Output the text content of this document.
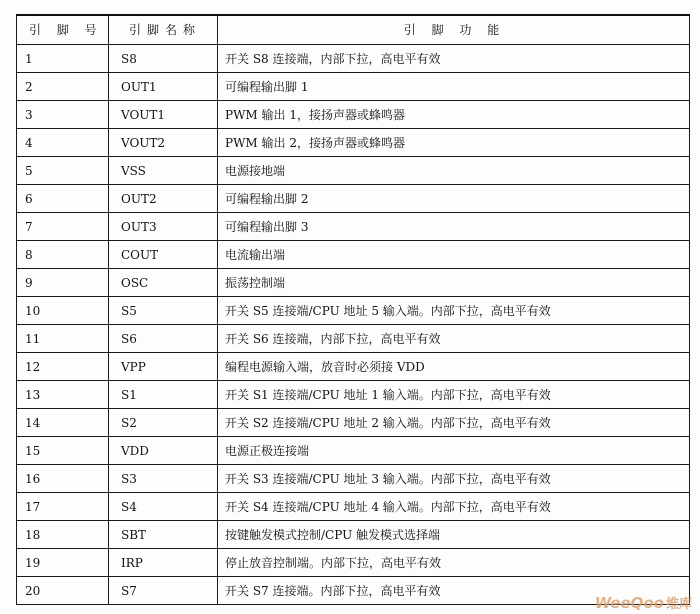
引 脚 号	引脚名称	引 脚 功 能
1	S8	开关 S8 连接端，内部下拉，高电平有效
2	OUT1	可编程输出脚 1
3	VOUT1	PWM 输出 1，接扬声器或蜂鸣器
4	VOUT2	PWM 输出 2，接扬声器或蜂鸣器
5	VSS	电源接地端
6	OUT2	可编程输出脚 2
7	OUT3	可编程输出脚 3
8	COUT	电流输出端
9	OSC	振荡控制端
10	S5	开关 S5 连接端/CPU 地址 5 输入端。内部下拉，高电平有效
11	S6	开关 S6 连接端，内部下拉，高电平有效
12	VPP	编程电源输入端，放音时必须接 VDD
13	S1	开关 S1 连接端/CPU 地址 1 输入端。内部下拉，高电平有效
14	S2	开关 S2 连接端/CPU 地址 2 输入端。内部下拉，高电平有效
15	VDD	电源正极连接端
16	S3	开关 S3 连接端/CPU 地址 3 输入端。内部下拉，高电平有效
17	S4	开关 S4 连接端/CPU 地址 4 输入端。内部下拉，高电平有效
18	SBT	按键触发模式控制/CPU 触发模式选择端
19	IRP	停止放音控制端。内部下拉，高电平有效
20	S7	开关 S7 连接端。内部下拉，高电平有效
WeeQoo 维库
